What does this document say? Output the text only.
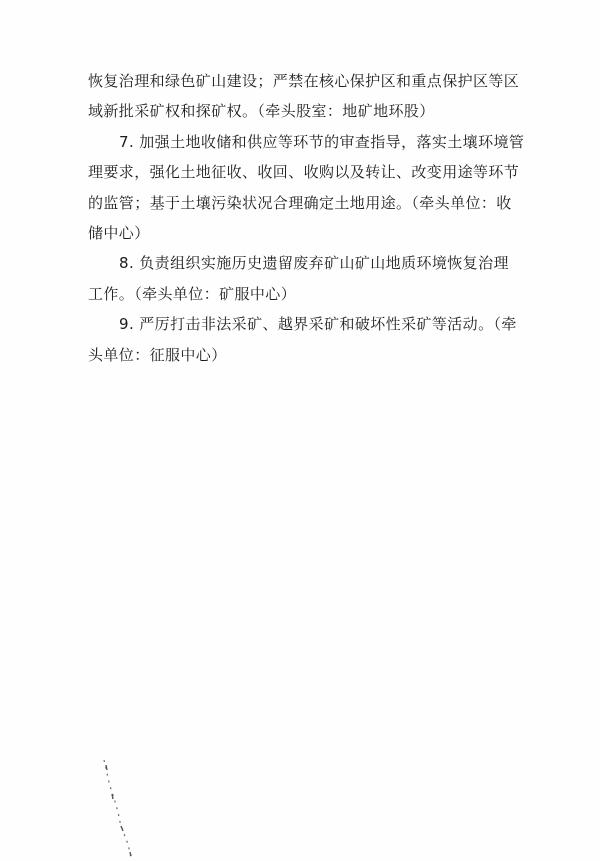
恢复治理和绿色矿山建设；严禁在核心保护区和重点保护区等区
域新批采矿权和探矿权。（牵头股室：地矿地环股）

7. 加强土地收储和供应等环节的审查指导，落实土壤环境管
理要求，强化土地征收、收回、收购以及转让、改变用途等环节
的监管；基于土壤污染状况合理确定土地用途。（牵头单位：收
储中心）

8. 负责组织实施历史遗留废弃矿山矿山地质环境恢复治理
工作。（牵头单位：矿服中心）

9. 严厉打击非法采矿、越界采矿和破坏性采矿等活动。（牵
头单位：征服中心）
